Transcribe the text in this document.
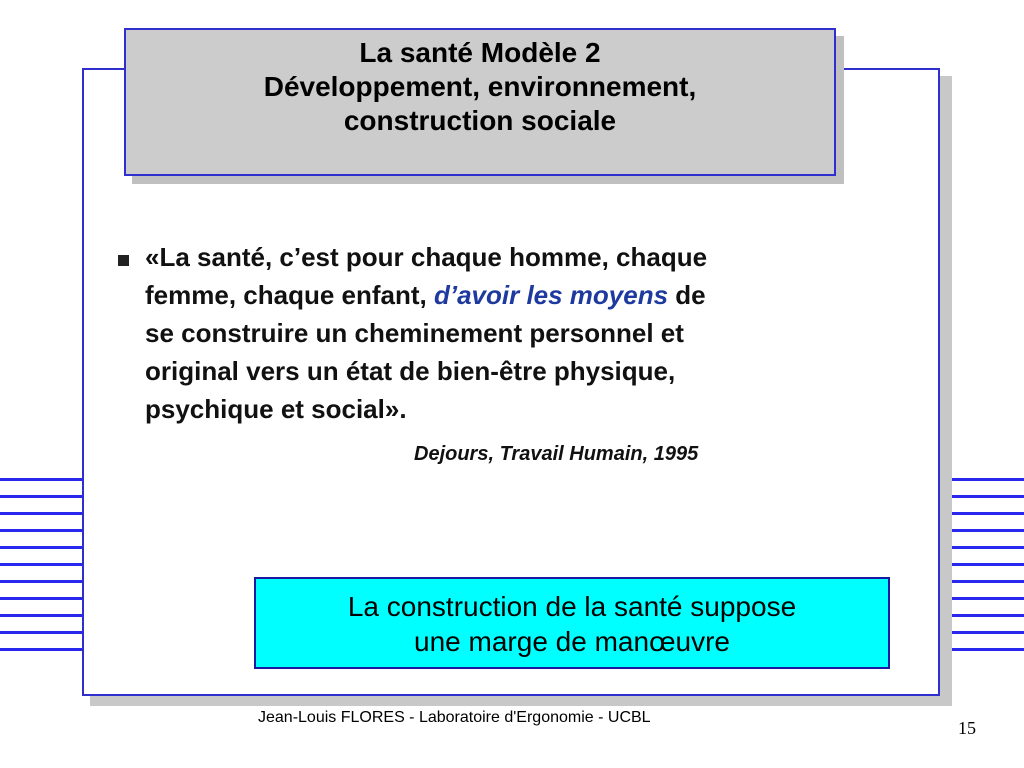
La santé Modèle 2
Développement, environnement,
construction sociale
«La santé, c’est pour chaque homme, chaque
femme, chaque enfant, d’avoir les moyens de
se construire un cheminement personnel et
original vers un état de bien-être physique,
psychique et social».
Dejours, Travail Humain, 1995
La construction de la santé suppose
une marge de manœuvre
Jean-Louis FLORES - Laboratoire d'Ergonomie - UCBL
15
